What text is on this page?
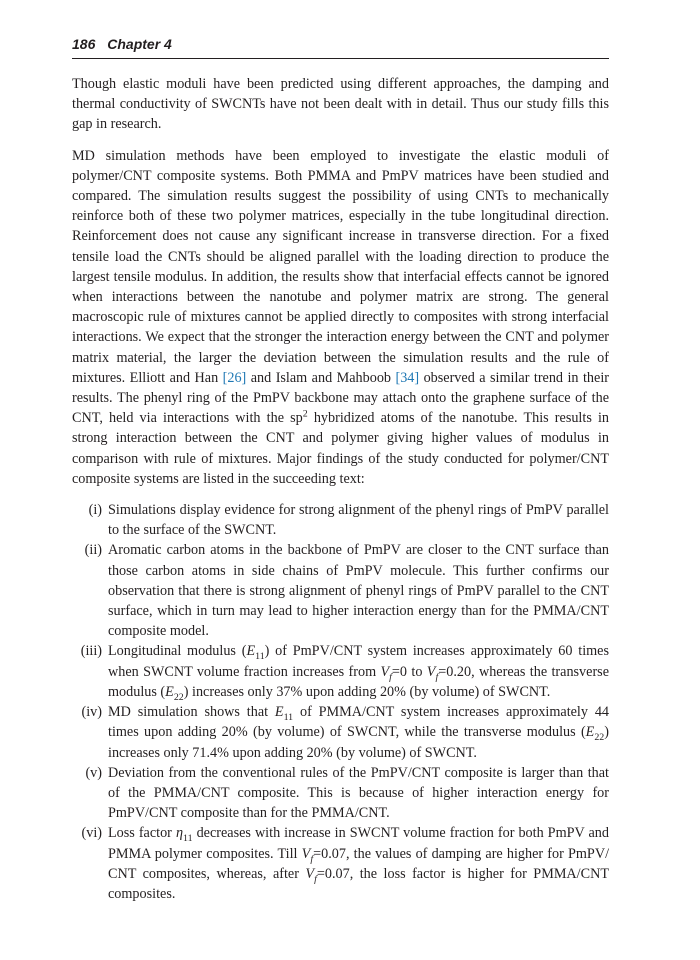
186 Chapter 4

Though elastic moduli have been predicted using different approaches, the damping and thermal conductivity of SWCNTs have not been dealt with in detail. Thus our study fills this gap in research.

MD simulation methods have been employed to investigate the elastic moduli of polymer/CNT composite systems. Both PMMA and PmPV matrices have been studied and compared. The simulation results suggest the possibility of using CNTs to mechanically reinforce both of these two polymer matrices, especially in the tube longitudinal direction. Reinforcement does not cause any significant increase in transverse direction. For a fixed tensile load the CNTs should be aligned parallel with the loading direction to produce the largest tensile modulus. In addition, the results show that interfacial effects cannot be ignored when interactions between the nanotube and polymer matrix are strong. The general macroscopic rule of mixtures cannot be applied directly to composites with strong interfacial interactions. We expect that the stronger the interaction energy between the CNT and polymer matrix material, the larger the deviation between the simulation results and the rule of mixtures. Elliott and Han [26] and Islam and Mahboob [34] observed a similar trend in their results. The phenyl ring of the PmPV backbone may attach onto the graphene surface of the CNT, held via interactions with the $sp^2$ hybridized atoms of the nanotube. This results in strong interaction between the CNT and polymer giving higher values of modulus in comparison with rule of mixtures. Major findings of the study conducted for polymer/CNT composite systems are listed in the succeeding text:

(i) Simulations display evidence for strong alignment of the phenyl rings of PmPV parallel to the surface of the SWCNT.
(ii) Aromatic carbon atoms in the backbone of PmPV are closer to the CNT surface than those carbon atoms in side chains of PmPV molecule. This further confirms our observation that there is strong alignment of phenyl rings of PmPV parallel to the CNT surface, which in turn may lead to higher interaction energy than for the PMMA/CNT composite model.
(iii) Longitudinal modulus $(E_{11})$ of PmPV/CNT system increases approximately 60 times when SWCNT volume fraction increases from $V_f=0$ to $V_f=0.20$, whereas the transverse modulus $(E_{22})$ increases only 37% upon adding 20% (by volume) of SWCNT.
(iv) MD simulation shows that $E_{11}$ of PMMA/CNT system increases approximately 44 times upon adding 20% (by volume) of SWCNT, while the transverse modulus $(E_{22})$ increases only 71.4% upon adding 20% (by volume) of SWCNT.
(v) Deviation from the conventional rules of the PmPV/CNT composite is larger than that of the PMMA/CNT composite. This is because of higher interaction energy for PmPV/CNT composite than for the PMMA/CNT.
(vi) Loss factor $\eta_{11}$ decreases with increase in SWCNT volume fraction for both PmPV and PMMA polymer composites. Till $V_f=0.07$, the values of damping are higher for PmPV/ CNT composites, whereas, after $V_f=0.07$, the loss factor is higher for PMMA/CNT composites.
